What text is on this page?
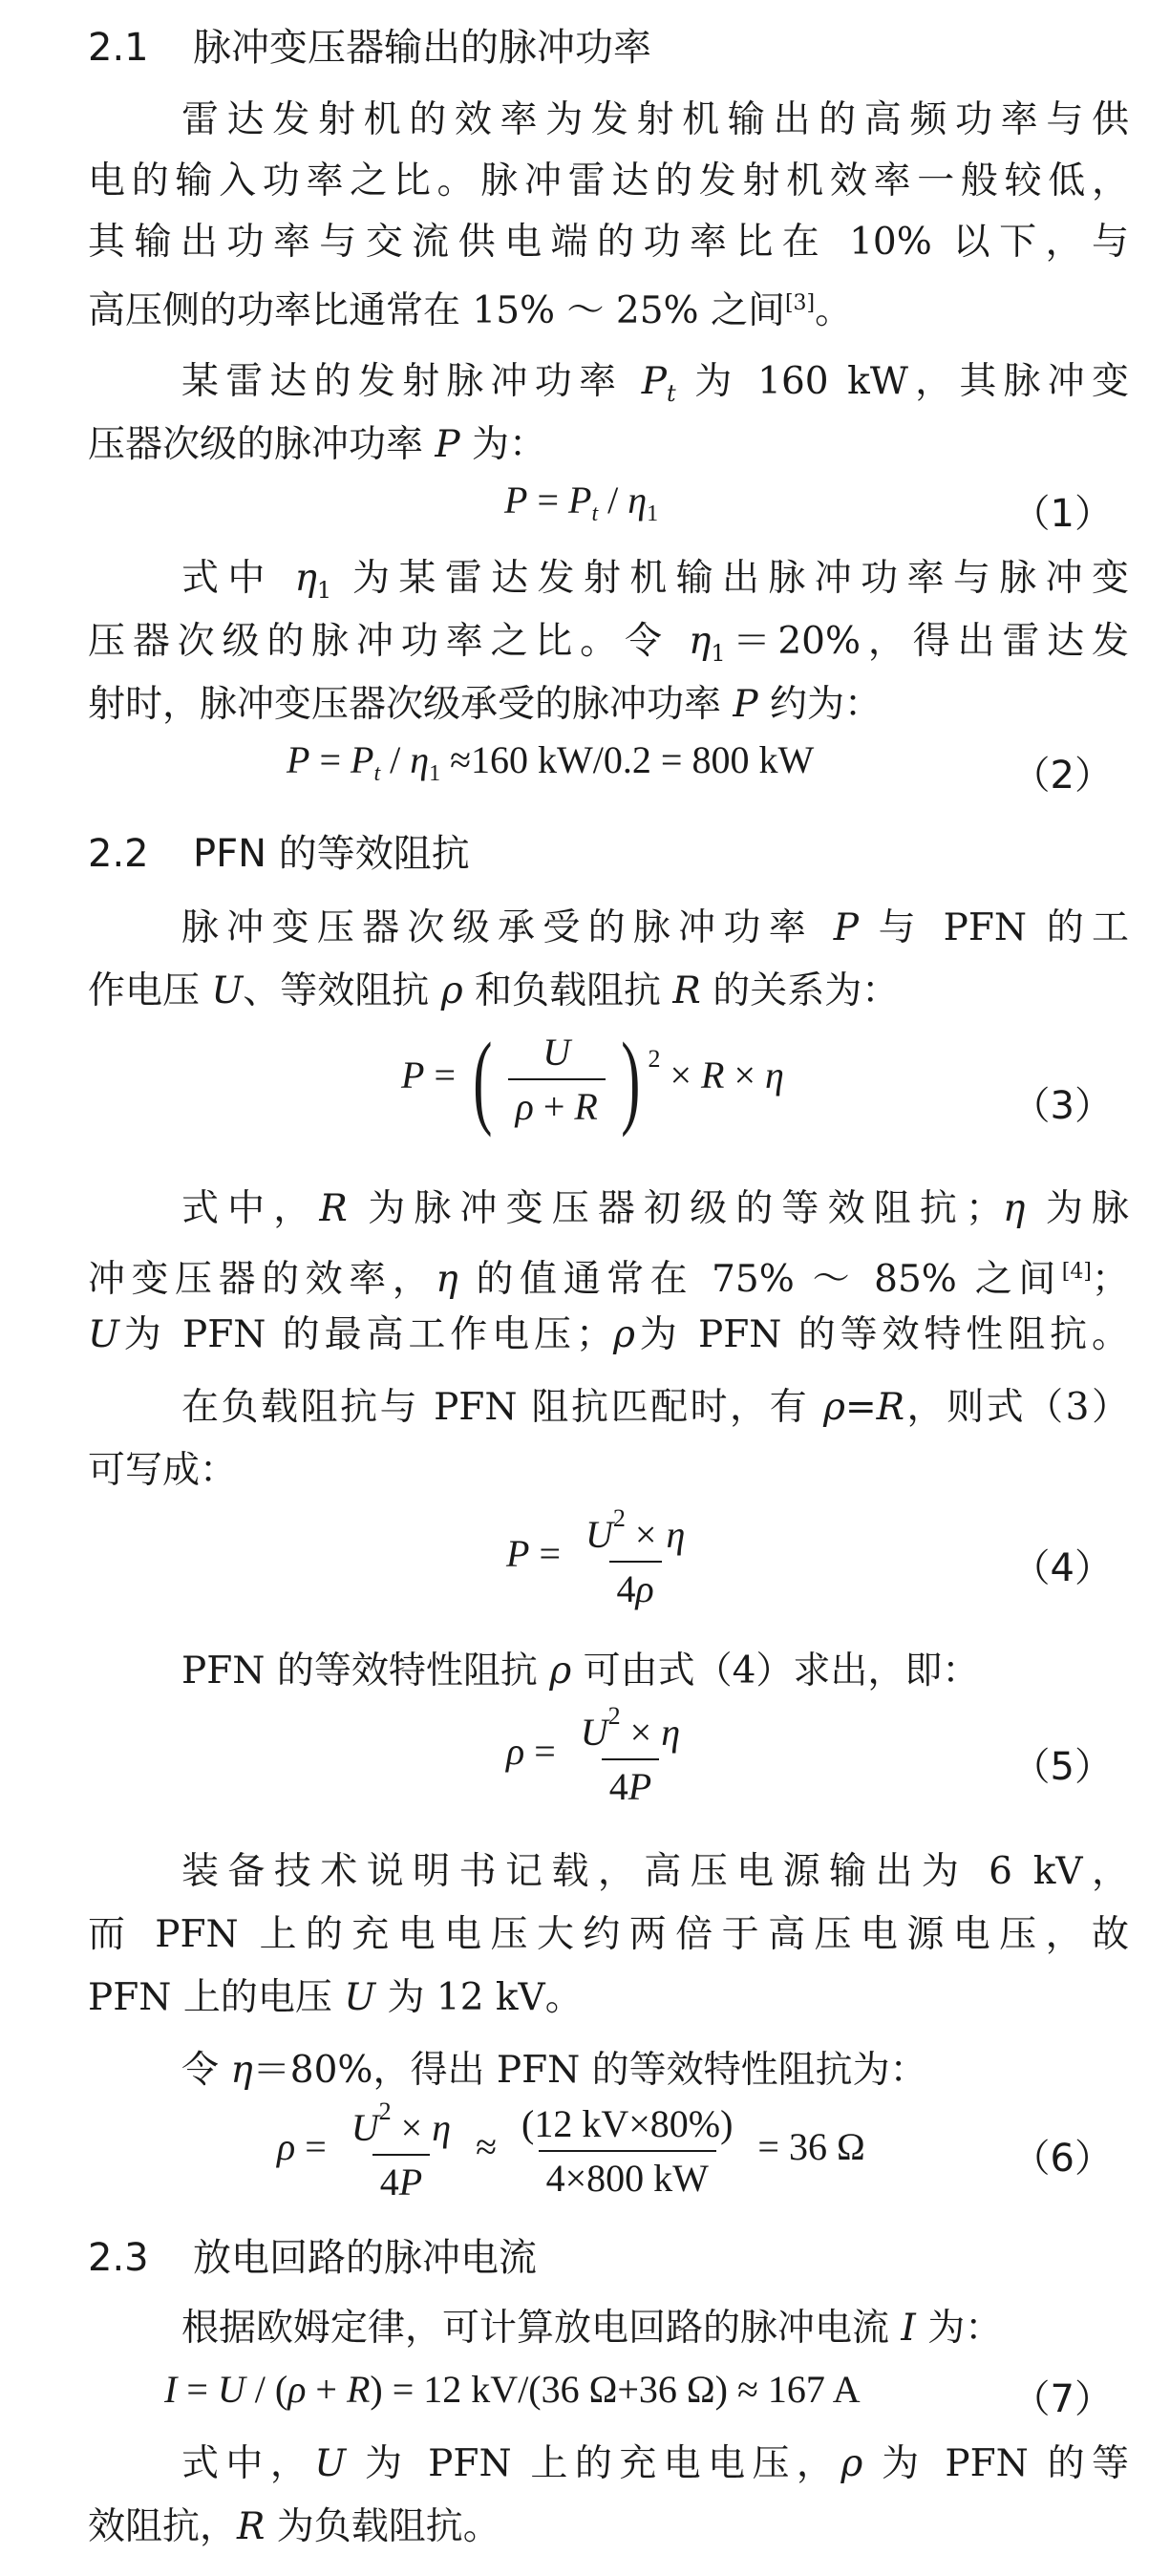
2.1 脉冲变压器输出的脉冲功率
雷达发射机的效率为发射机输出的高频功率与供
电的输入功率之比。脉冲雷达的发射机效率一般较低，
其输出功率与交流供电端的功率比在 10% 以下，与
高压侧的功率比通常在 15% ～ 25% 之间[3]。
某雷达的发射脉冲功率 $P_t$ 为 160 kW，其脉冲变
压器次级的脉冲功率 P 为：
$P = P_t / \eta_1$	（1）
式中 $\eta_1$ 为某雷达发射机输出脉冲功率与脉冲变
压器次级的脉冲功率之比。令 $\eta_1=20\%$，得出雷达发
射时，脉冲变压器次级承受的脉冲功率 P 约为：
$P = P_t / \eta_1 \approx 160$ kW/0.2 = 800 kW	（2）
2.2 PFN 的等效阻抗
脉冲变压器次级承受的脉冲功率 P 与 PFN 的工
作电压 U、等效阻抗 ρ 和负载阻抗 R 的关系为：
P = ( $\frac{U}{\rho + R}$ ) $^2$ × R × η
（3）
式中，R 为脉冲变压器初级的等效阻抗；η 为脉
冲变压器的效率，η 的值通常在 75% ～ 85% 之间[4]；
U为 PFN 的最高工作电压；ρ为 PFN 的等效特性阻抗。
在负载阻抗与 PFN 阻抗匹配时，有 ρ=R，则式（3）
可写成：
$P = \frac{U^2 \times \eta}{4\rho}$	（4）
PFN 的等效特性阻抗 ρ 可由式（4）求出，即：
$\rho = \frac{U^2 \times \eta}{4P}$	（5）
装备技术说明书记载，高压电源输出为 6 kV，
而 PFN 上的充电电压大约两倍于高压电源电压，故
PFN 上的电压 U 为 12 kV。
令 η＝80%，得出 PFN 的等效特性阻抗为：
$\rho = \frac{U^2 \times \eta}{4P} \approx \frac{(12 kV\times 80\%)}{4\times 800 kW} = 36$ Ω	（6）
2.3 放电回路的脉冲电流
根据欧姆定律，可计算放电回路的脉冲电流 I 为：
I = U / (ρ + R) = 12 kV/(36 Ω+36 Ω) ≈ 167 A	（7）
式中，U 为 PFN 上的充电电压，ρ 为 PFN 的等
效阻抗，R 为负载阻抗。
